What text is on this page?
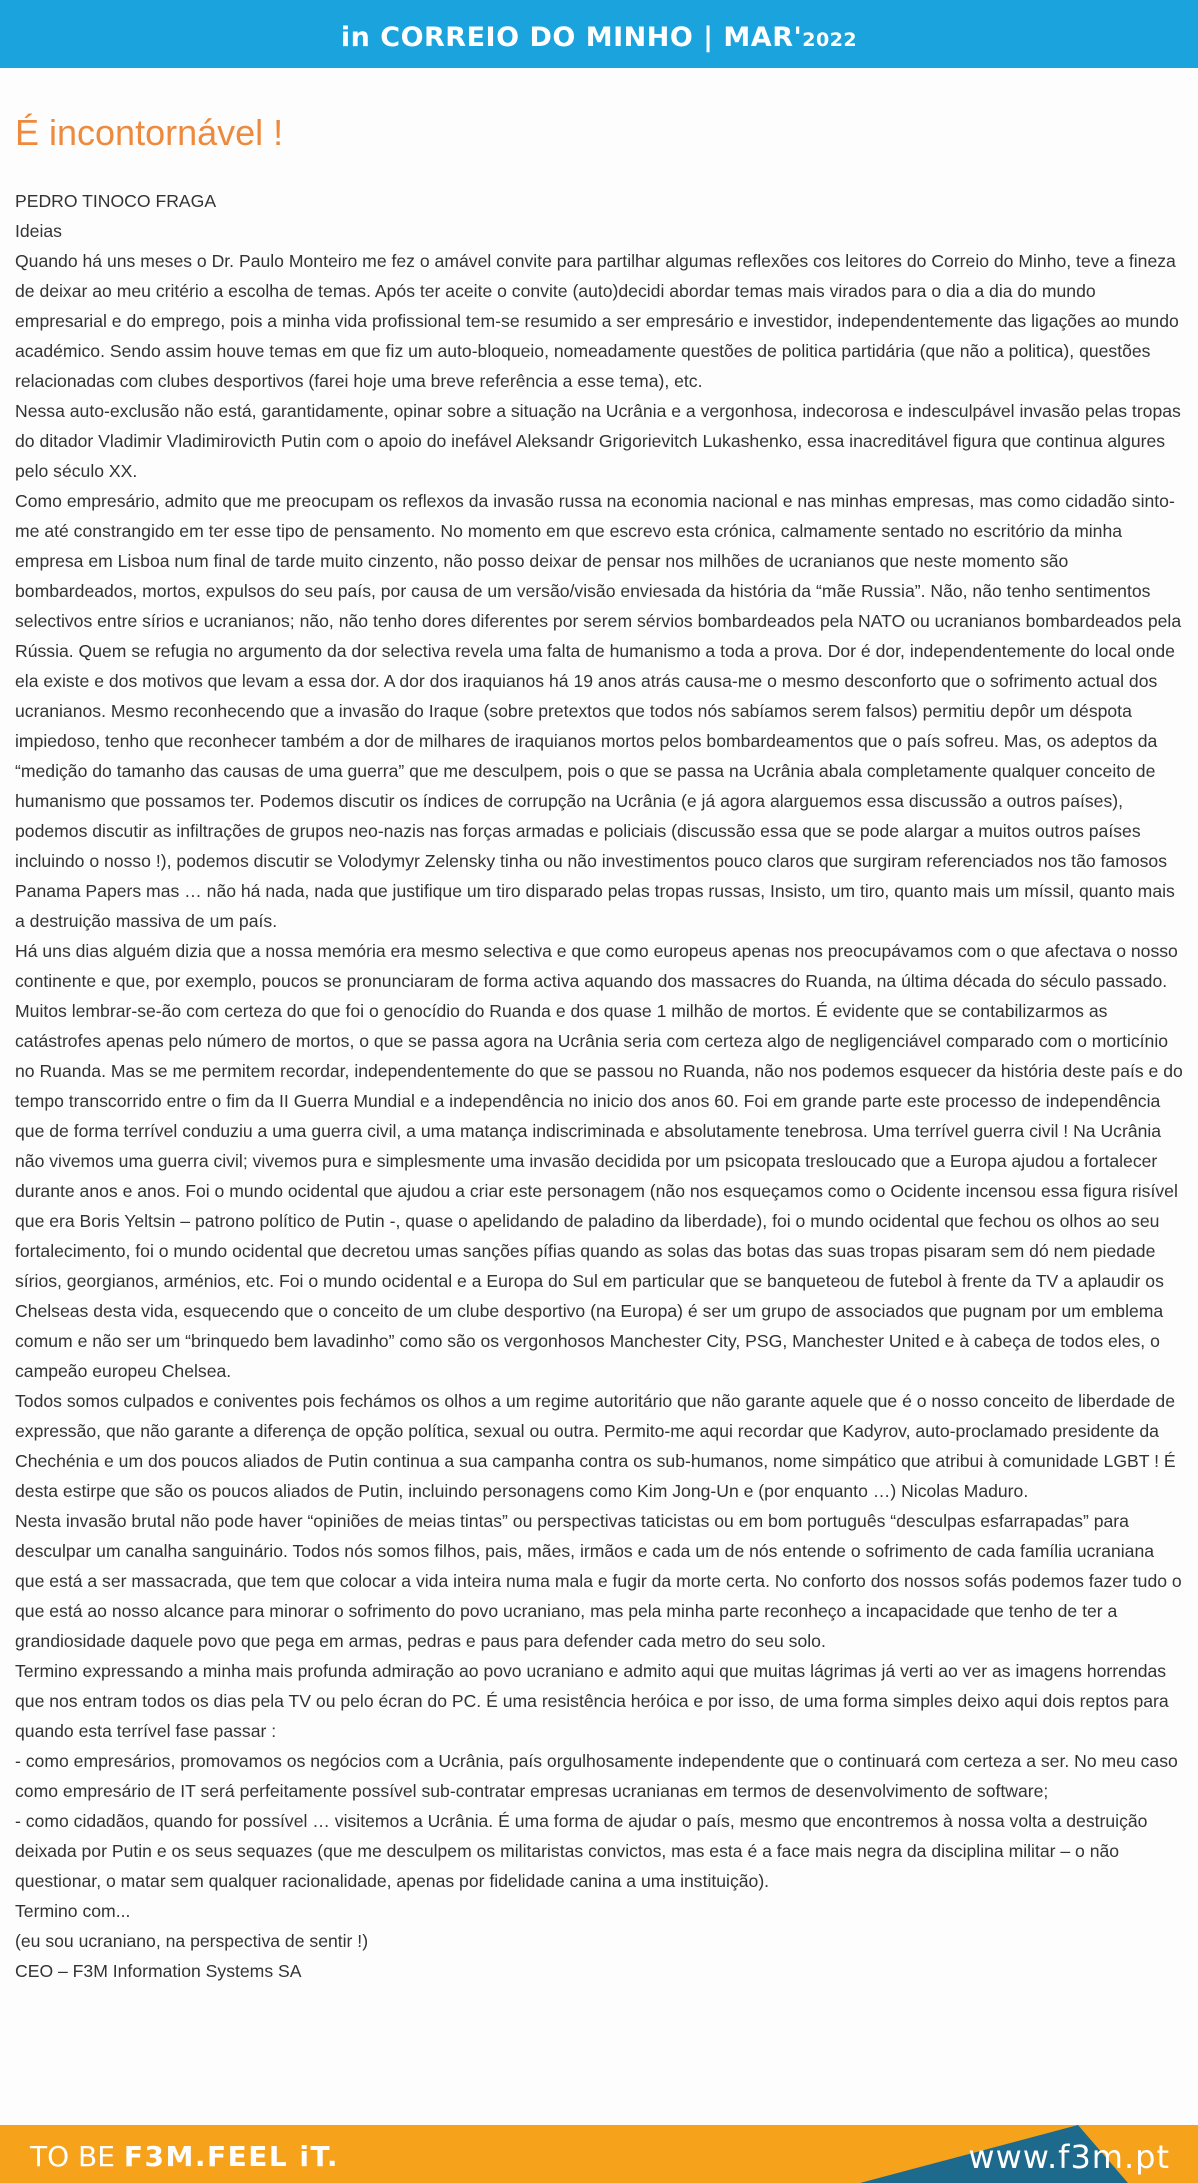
in CORREIO DO MINHO | MAR'2022
É incontornável !

PEDRO TINOCO FRAGA

Ideias

Quando há uns meses o Dr. Paulo Monteiro me fez o amável convite para partilhar algumas reflexões cos leitores do Correio do Minho, teve a fineza de deixar ao meu critério a escolha de temas. Após ter aceite o convite (auto)decidi abordar temas mais virados para o dia a dia do mundo empresarial e do emprego, pois a minha vida profissional tem-se resumido a ser empresário e investidor, independentemente das ligações ao mundo académico. Sendo assim houve temas em que fiz um auto-bloqueio, nomeadamente questões de politica partidária (que não a politica), questões relacionadas com clubes desportivos (farei hoje uma breve referência a esse tema), etc.

Nessa auto-exclusão não está, garantidamente, opinar sobre a situação na Ucrânia e a vergonhosa, indecorosa e indesculpável invasão pelas tropas do ditador Vladimir Vladimirovicth Putin com o apoio do inefável Aleksandr Grigorievitch Lukashenko, essa inacreditável figura que continua algures pelo século XX.

Como empresário, admito que me preocupam os reflexos da invasão russa na economia nacional e nas minhas empresas, mas como cidadão sinto-me até constrangido em ter esse tipo de pensamento. No momento em que escrevo esta crónica, calmamente sentado no escritório da minha empresa em Lisboa num final de tarde muito cinzento, não posso deixar de pensar nos milhões de ucranianos que neste momento são bombardeados, mortos, expulsos do seu país, por causa de um versão/visão enviesada da história da “mãe Russia”. Não, não tenho sentimentos selectivos entre sírios e ucranianos; não, não tenho dores diferentes por serem sérvios bombardeados pela NATO ou ucranianos bombardeados pela Rússia. Quem se refugia no argumento da dor selectiva revela uma falta de humanismo a toda a prova. Dor é dor, independentemente do local onde ela existe e dos motivos que levam a essa dor. A dor dos iraquianos há 19 anos atrás causa-me o mesmo desconforto que o sofrimento actual dos ucranianos. Mesmo reconhecendo que a invasão do Iraque (sobre pretextos que todos nós sabíamos serem falsos) permitiu depôr um déspota impiedoso, tenho que reconhecer também a dor de milhares de iraquianos mortos pelos bombardeamentos que o país sofreu. Mas, os adeptos da “medição do tamanho das causas de uma guerra” que me desculpem, pois o que se passa na Ucrânia abala completamente qualquer conceito de humanismo que possamos ter. Podemos discutir os índices de corrupção na Ucrânia (e já agora alarguemos essa discussão a outros países), podemos discutir as infiltrações de grupos neo-nazis nas forças armadas e policiais (discussão essa que se pode alargar a muitos outros países incluindo o nosso !), podemos discutir se Volodymyr Zelensky tinha ou não investimentos pouco claros que surgiram referenciados nos tão famosos Panama Papers mas … não há nada, nada que justifique um tiro disparado pelas tropas russas, Insisto, um tiro, quanto mais um míssil, quanto mais a destruição massiva de um país.

Há uns dias alguém dizia que a nossa memória era mesmo selectiva e que como europeus apenas nos preocupávamos com o que afectava o nosso continente e que, por exemplo, poucos se pronunciaram de forma activa aquando dos massacres do Ruanda, na última década do século passado. Muitos lembrar-se-ão com certeza do que foi o genocídio do Ruanda e dos quase 1 milhão de mortos. É evidente que se contabilizarmos as catástrofes apenas pelo número de mortos, o que se passa agora na Ucrânia seria com certeza algo de negligenciável comparado com o morticínio no Ruanda. Mas se me permitem recordar, independentemente do que se passou no Ruanda, não nos podemos esquecer da história deste país e do tempo transcorrido entre o fim da II Guerra Mundial e a independência no inicio dos anos 60. Foi em grande parte este processo de independência que de forma terrível conduziu a uma guerra civil, a uma matança indiscriminada e absolutamente tenebrosa. Uma terrível guerra civil ! Na Ucrânia não vivemos uma guerra civil; vivemos pura e simplesmente uma invasão decidida por um psicopata tresloucado que a Europa ajudou a fortalecer durante anos e anos. Foi o mundo ocidental que ajudou a criar este personagem (não nos esqueçamos como o Ocidente incensou essa figura risível que era Boris Yeltsin – patrono político de Putin -, quase o apelidando de paladino da liberdade), foi o mundo ocidental que fechou os olhos ao seu fortalecimento, foi o mundo ocidental que decretou umas sanções pífias quando as solas das botas das suas tropas pisaram sem dó nem piedade sírios, georgianos, arménios, etc. Foi o mundo ocidental e a Europa do Sul em particular que se banqueteou de futebol à frente da TV a aplaudir os Chelseas desta vida, esquecendo que o conceito de um clube desportivo (na Europa) é ser um grupo de associados que pugnam por um emblema comum e não ser um “brinquedo bem lavadinho” como são os vergonhosos Manchester City, PSG, Manchester United e à cabeça de todos eles, o campeão europeu Chelsea.

Todos somos culpados e coniventes pois fechámos os olhos a um regime autoritário que não garante aquele que é o nosso conceito de liberdade de expressão, que não garante a diferença de opção política, sexual ou outra. Permito-me aqui recordar que Kadyrov, auto-proclamado presidente da Chechénia e um dos poucos aliados de Putin continua a sua campanha contra os sub-humanos, nome simpático que atribui à comunidade LGBT ! É desta estirpe que são os poucos aliados de Putin, incluindo personagens como Kim Jong-Un e (por enquanto …) Nicolas Maduro.

Nesta invasão brutal não pode haver “opiniões de meias tintas” ou perspectivas taticistas ou em bom português “desculpas esfarrapadas” para desculpar um canalha sanguinário. Todos nós somos filhos, pais, mães, irmãos e cada um de nós entende o sofrimento de cada família ucraniana que está a ser massacrada, que tem que colocar a vida inteira numa mala e fugir da morte certa. No conforto dos nossos sofás podemos fazer tudo o que está ao nosso alcance para minorar o sofrimento do povo ucraniano, mas pela minha parte reconheço a incapacidade que tenho de ter a grandiosidade daquele povo que pega em armas, pedras e paus para defender cada metro do seu solo.

Termino expressando a minha mais profunda admiração ao povo ucraniano e admito aqui que muitas lágrimas já verti ao ver as imagens horrendas que nos entram todos os dias pela TV ou pelo écran do PC. É uma resistência heróica e por isso, de uma forma simples deixo aqui dois reptos para quando esta terrível fase passar :

- como empresários, promovamos os negócios com a Ucrânia, país orgulhosamente independente que o continuará com certeza a ser. No meu caso como empresário de IT será perfeitamente possível sub-contratar empresas ucranianas em termos de desenvolvimento de software;

- como cidadãos, quando for possível … visitemos a Ucrânia. É uma forma de ajudar o país, mesmo que encontremos à nossa volta a destruição deixada por Putin e os seus sequazes (que me desculpem os militaristas convictos, mas esta é a face mais negra da disciplina militar – o não questionar, o matar sem qualquer racionalidade, apenas por fidelidade canina a uma instituição).

Termino com...

(eu sou ucraniano, na perspectiva de sentir !)

CEO – F3M Information Systems SA

TO BE F3M.FEEL iT.	www.f3m.pt
